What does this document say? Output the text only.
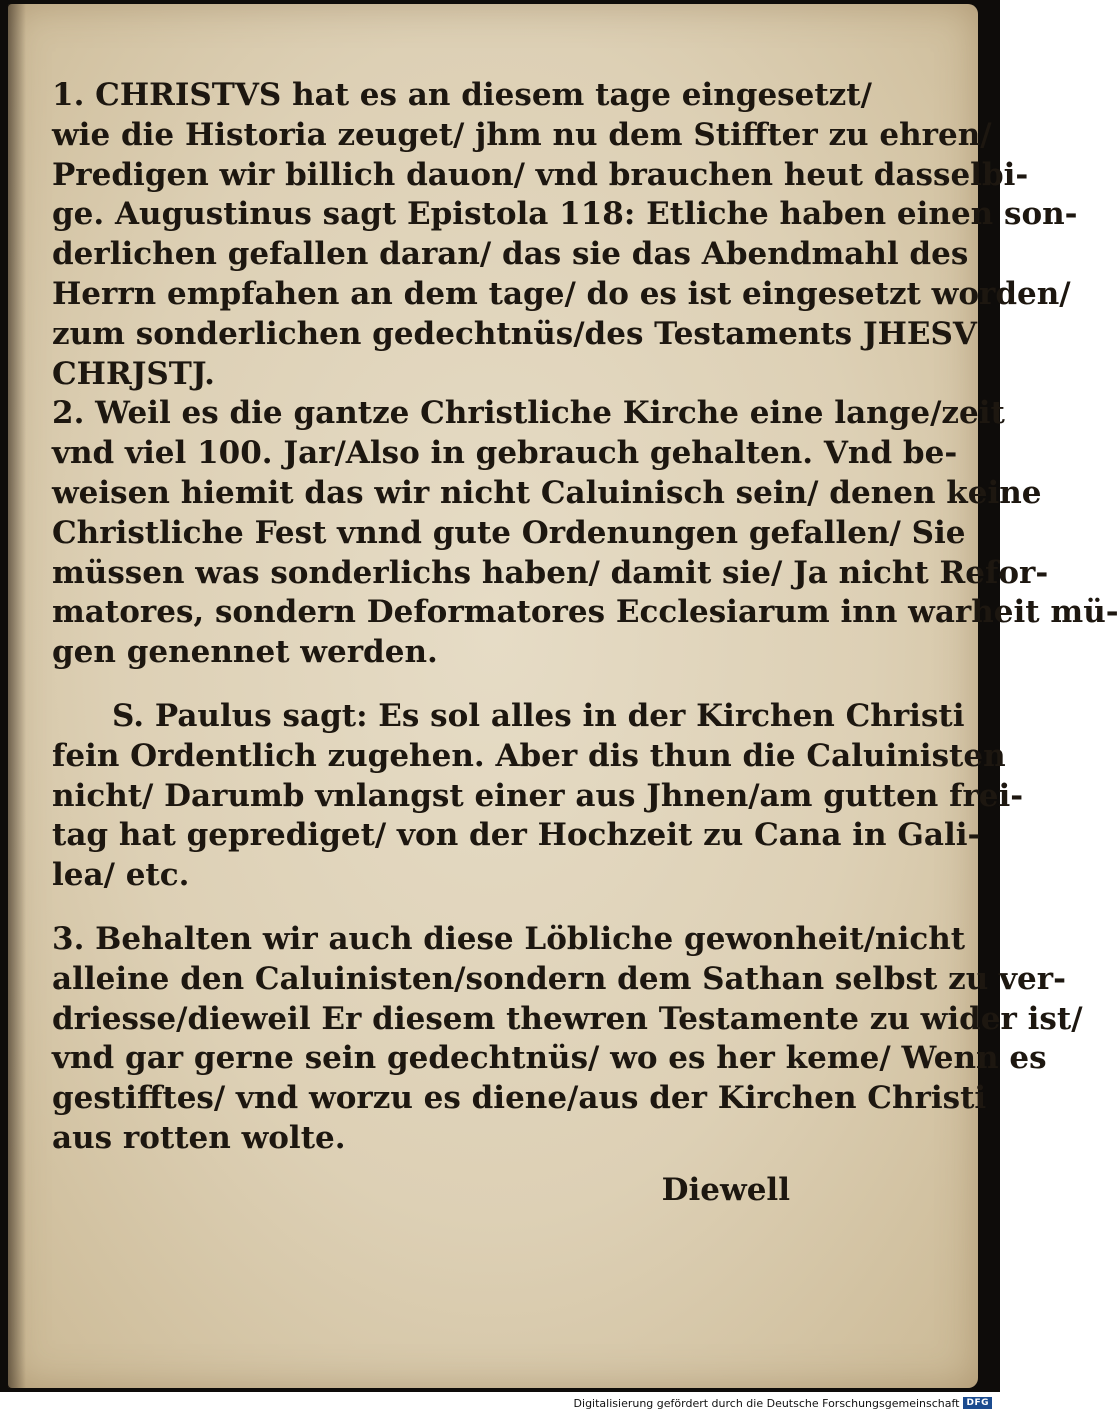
1. CHRISTVS hat es an diesem tage eingesetzt/
wie die Historia zeuget/ jhm nu dem Stiffter zu ehren/
Predigen wir billich dauon/ vnd brauchen heut dasselbi-
ge. Augustinus sagt Epistola 118: Etliche haben einen son-
derlichen gefallen daran/ das sie das Abendmahl des
Herrn empfahen an dem tage/ do es ist eingesetzt worden/
zum sonderlichen gedechtnüs/des Testaments JHESV
CHRJSTJ.
2. Weil es die gantze Christliche Kirche eine lange/zeit
vnd viel 100. Jar/Also in gebrauch gehalten. Vnd be-
weisen hiemit das wir nicht Caluinisch sein/ denen keine
Christliche Fest vnnd gute Ordenungen gefallen/ Sie
müssen was sonderlichs haben/ damit sie/ Ja nicht Refor-
matores, sondern Deformatores Ecclesiarum inn warheit mü-
gen genennet werden.
S. Paulus sagt: Es sol alles in der Kirchen Christi
fein Ordentlich zugehen. Aber dis thun die Caluinisten
nicht/ Darumb vnlangst einer aus Jhnen/am gutten frei-
tag hat geprediget/ von der Hochzeit zu Cana in Gali-
lea/ etc.
3. Behalten wir auch diese Löbliche gewonheit/nicht
alleine den Caluinisten/sondern dem Sathan selbst zu ver-
driesse/dieweil Er diesem thewren Testamente zu wider ist/
vnd gar gerne sein gedechtnüs/ wo es her keme/ Wenn es
gestifftes/ vnd worzu es diene/aus der Kirchen Christi
aus rotten wolte.
Diewell
Digitalisierung gefördert durch die Deutsche Forschungsgemeinschaft DFG
